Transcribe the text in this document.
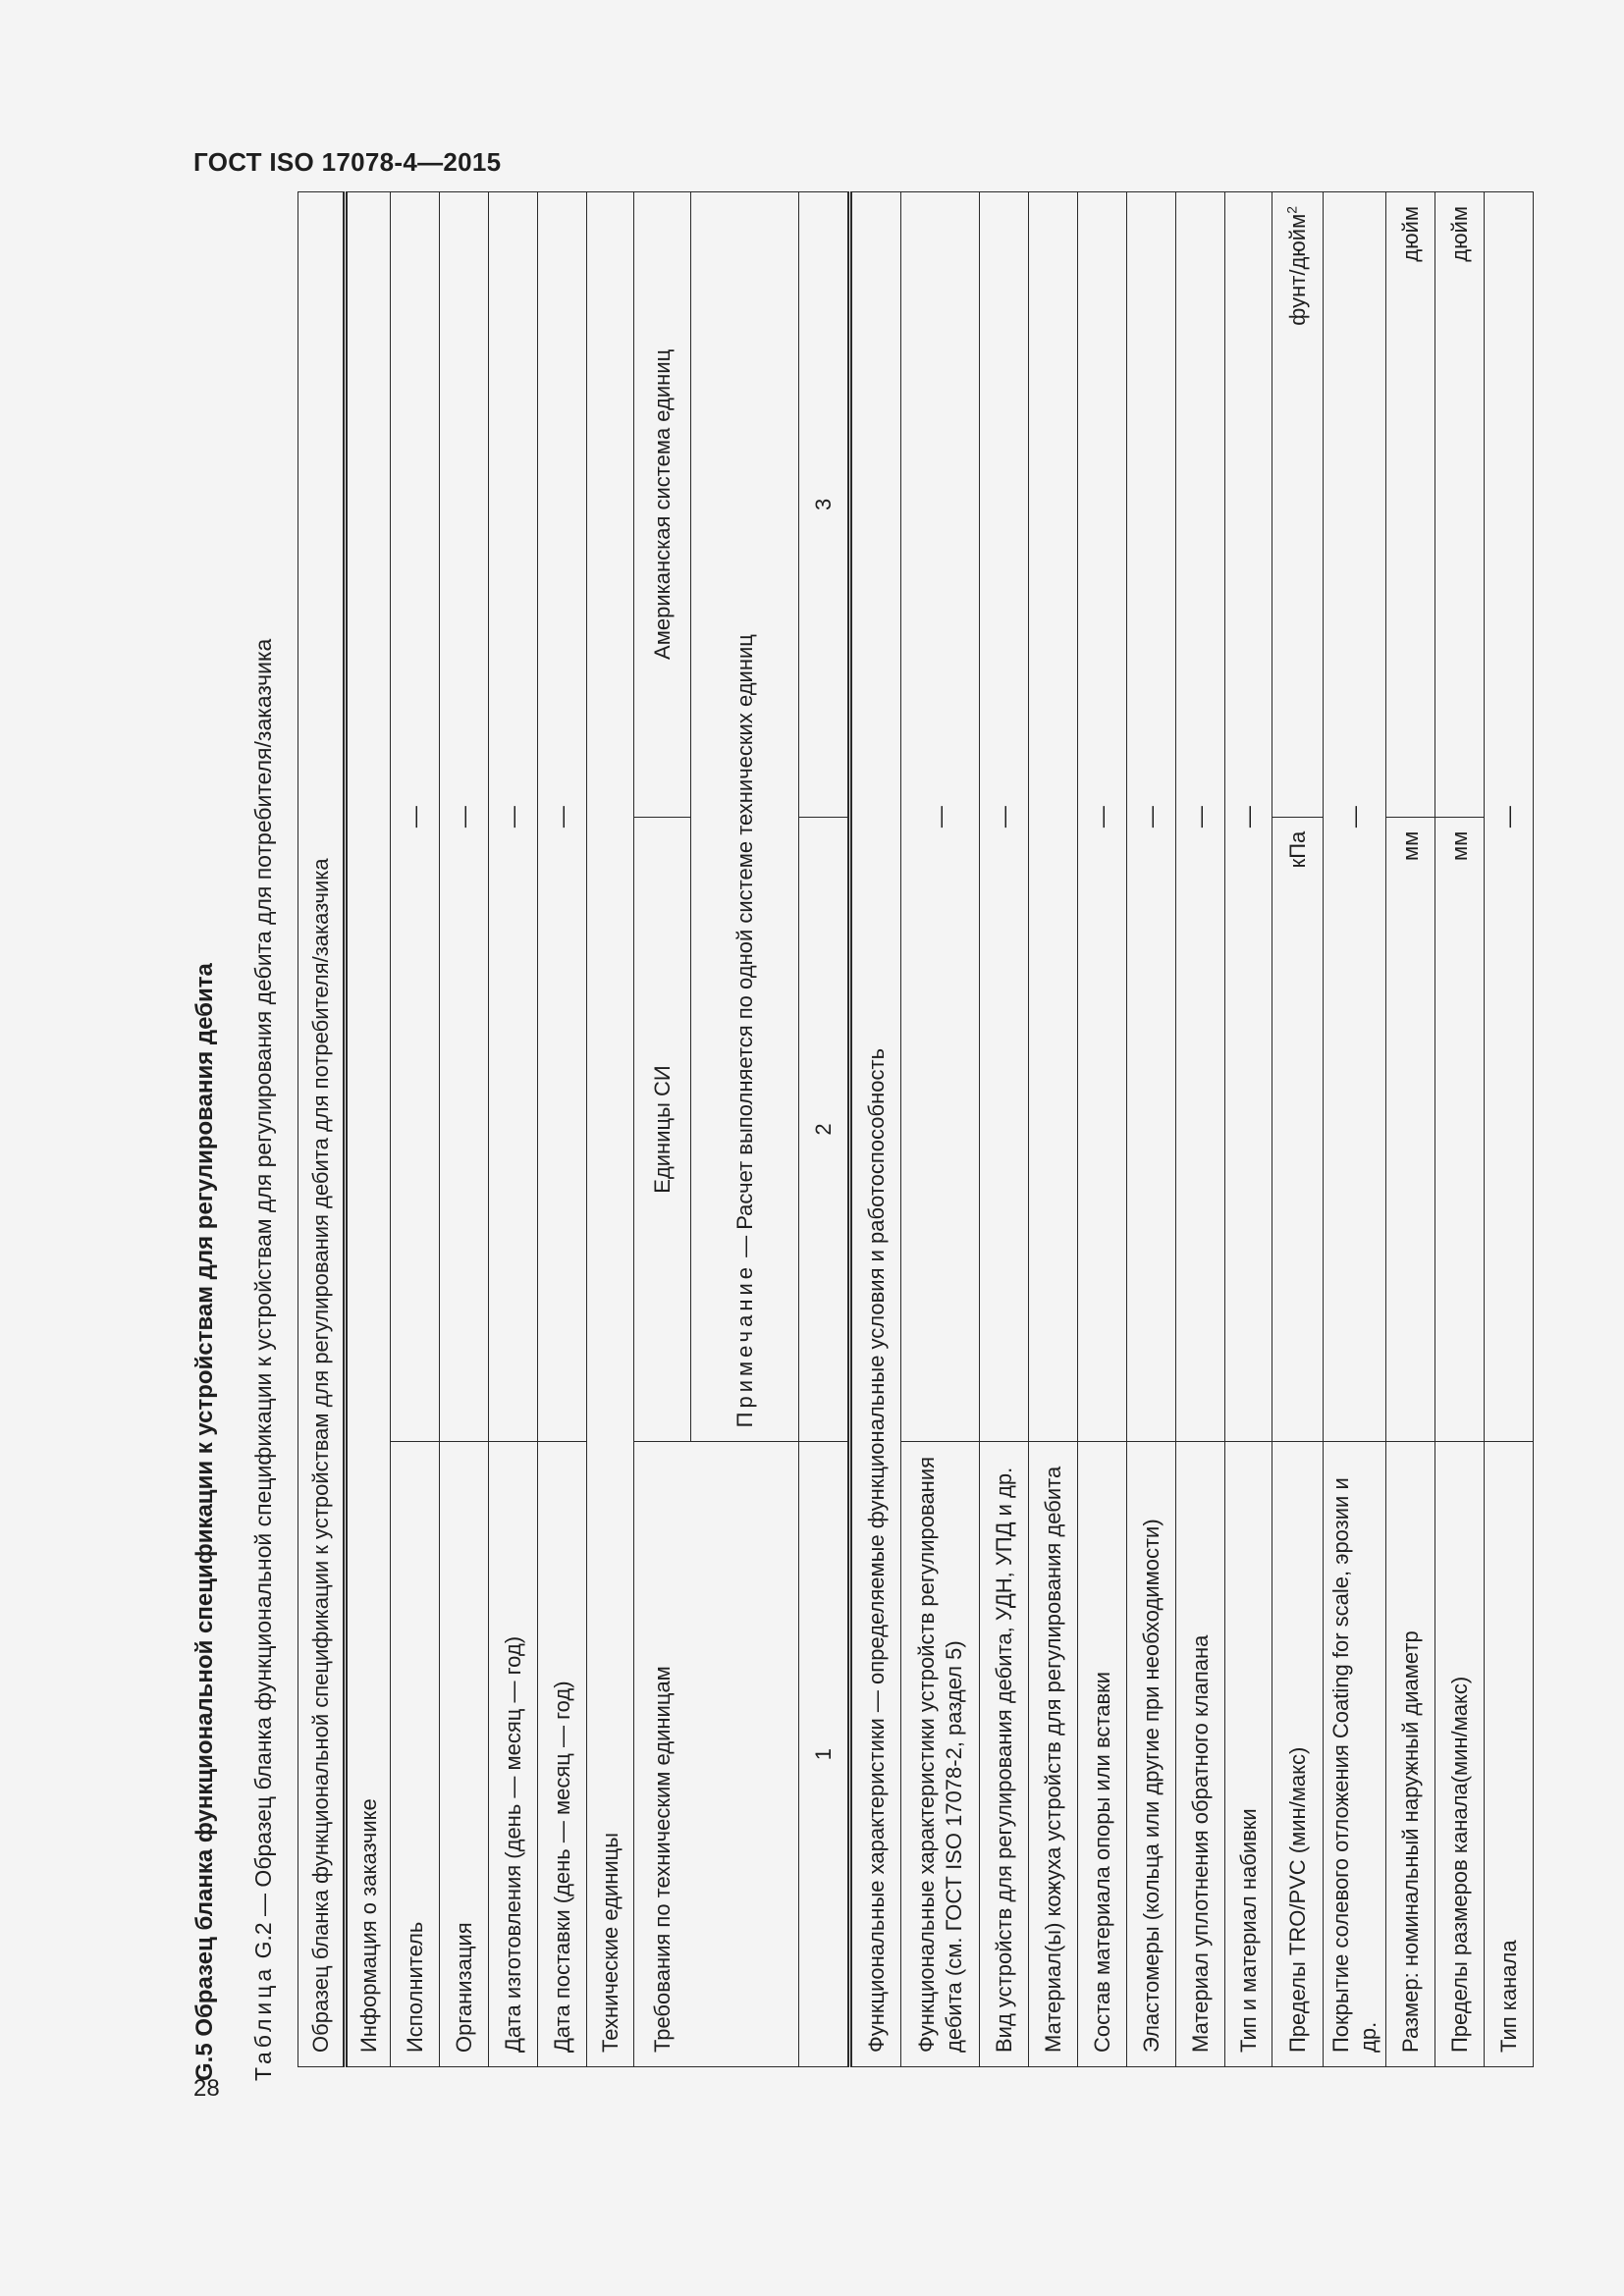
ГОСТ ISO 17078-4—2015
G.5 Образец бланка функциональной спецификации к устройствам для регулирования дебита Таблица G.2 — Образец бланка функциональной спецификации к устройствам для регулирования дебита для потребителя/заказчика Образец бланка функциональной спецификации к устройствам для регулирования дебита для потребителя/заказчика		
Информация о заказчике		
Исполнитель	—	
Организация	—	
Дата изготовления (день — месяц — год)	—	
Дата поставки (день — месяц — год)	—	
Технические единицы		
Требования по техническим единицам	Единицы СИ	Американская система единиц
	Примечание — Расчет выполняется по одной системе технических единиц	
1	2	3
Функциональные характеристики — определяемые функциональные условия и работоспособность		
Функциональные характеристики устройств регулирования дебита (см. ГОСТ ISO 17078-2, раздел 5)	—	
Вид устройств для регулирования дебита, УДН, УПД и др.	—	
Материал(ы) кожуха устройств для регулирования дебита		
Состав материала опоры или вставки	—	
Эластомеры (кольца или другие при необходимости)	—	
Материал уплотнения обратного клапана	—	
Тип и материал набивки	—	
Пределы TRO/PVC (мин/макс)	кПа	фунт/дюйм$^2$
Покрытие солевого отложения Coating for scale, эрозии и др.	—	
Размер: номинальный наружный диаметр	мм	дюйм
Пределы размеров канала(мин/макс)	мм	дюйм
Тип канала	—	
28
